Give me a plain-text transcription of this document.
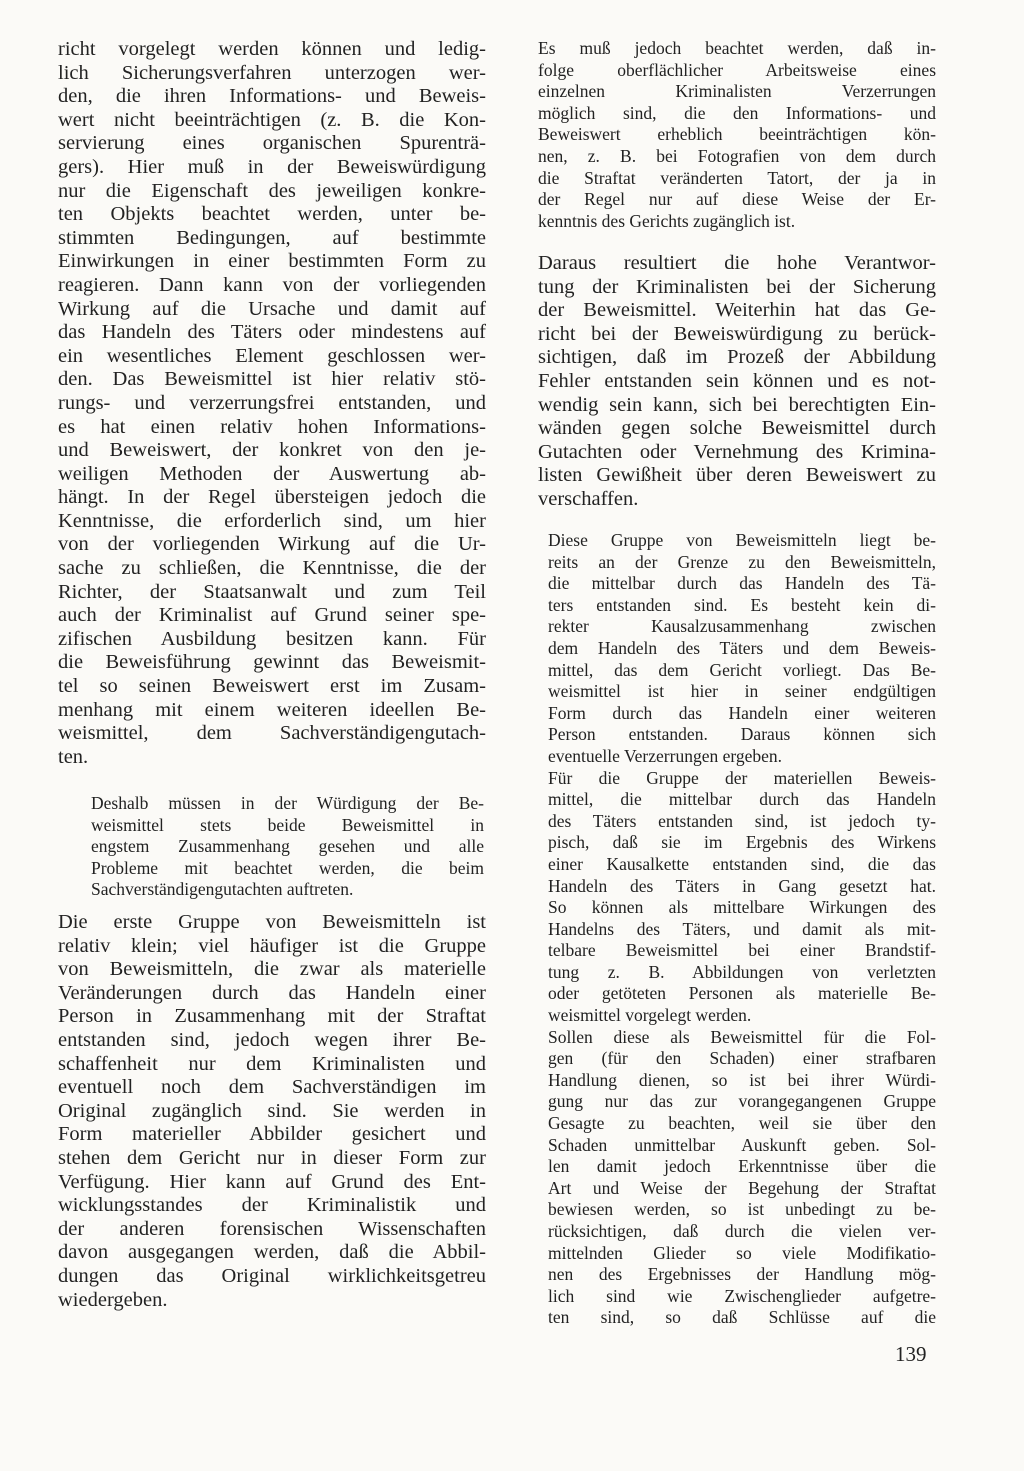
richt vorgelegt werden können und ledig-
lich Sicherungsverfahren unterzogen wer-
den, die ihren Informations- und Beweis-
wert nicht beeinträchtigen (z. B. die Kon-
servierung eines organischen Spurenträ-
gers). Hier muß in der Beweiswürdigung
nur die Eigenschaft des jeweiligen konkre-
ten Objekts beachtet werden, unter be-
stimmten Bedingungen, auf bestimmte
Einwirkungen in einer bestimmten Form zu
reagieren. Dann kann von der vorliegenden
Wirkung auf die Ursache und damit auf
das Handeln des Täters oder mindestens auf
ein wesentliches Element geschlossen wer-
den. Das Beweismittel ist hier relativ stö-
rungs- und verzerrungsfrei entstanden, und
es hat einen relativ hohen Informations-
und Beweiswert, der konkret von den je-
weiligen Methoden der Auswertung ab-
hängt. In der Regel übersteigen jedoch die
Kenntnisse, die erforderlich sind, um hier
von der vorliegenden Wirkung auf die Ur-
sache zu schließen, die Kenntnisse, die der
Richter, der Staatsanwalt und zum Teil
auch der Kriminalist auf Grund seiner spe-
zifischen Ausbildung besitzen kann. Für
die Beweisführung gewinnt das Beweismit-
tel so seinen Beweiswert erst im Zusam-
menhang mit einem weiteren ideellen Be-
weismittel, dem Sachverständigengutach-
ten.
Deshalb müssen in der Würdigung der Be-
weismittel stets beide Beweismittel in
engstem Zusammenhang gesehen und alle
Probleme mit beachtet werden, die beim
Sachverständigengutachten auftreten.
Die erste Gruppe von Beweismitteln ist
relativ klein; viel häufiger ist die Gruppe
von Beweismitteln, die zwar als materielle
Veränderungen durch das Handeln einer
Person in Zusammenhang mit der Straftat
entstanden sind, jedoch wegen ihrer Be-
schaffenheit nur dem Kriminalisten und
eventuell noch dem Sachverständigen im
Original zugänglich sind. Sie werden in
Form materieller Abbilder gesichert und
stehen dem Gericht nur in dieser Form zur
Verfügung. Hier kann auf Grund des Ent-
wicklungsstandes der Kriminalistik und
der anderen forensischen Wissenschaften
davon ausgegangen werden, daß die Abbil-
dungen das Original wirklichkeitsgetreu
wiedergeben.
Es muß jedoch beachtet werden, daß in-
folge oberflächlicher Arbeitsweise eines
einzelnen Kriminalisten Verzerrungen
möglich sind, die den Informations- und
Beweiswert erheblich beeinträchtigen kön-
nen, z. B. bei Fotografien von dem durch
die Straftat veränderten Tatort, der ja in
der Regel nur auf diese Weise der Er-
kenntnis des Gerichts zugänglich ist.
Daraus resultiert die hohe Verantwor-
tung der Kriminalisten bei der Sicherung
der Beweismittel. Weiterhin hat das Ge-
richt bei der Beweiswürdigung zu berück-
sichtigen, daß im Prozeß der Abbildung
Fehler entstanden sein können und es not-
wendig sein kann, sich bei berechtigten Ein-
wänden gegen solche Beweismittel durch
Gutachten oder Vernehmung des Krimina-
listen Gewißheit über deren Beweiswert zu
verschaffen.
Diese Gruppe von Beweismitteln liegt be-
reits an der Grenze zu den Beweismitteln,
die mittelbar durch das Handeln des Tä-
ters entstanden sind. Es besteht kein di-
rekter Kausalzusammenhang zwischen
dem Handeln des Täters und dem Beweis-
mittel, das dem Gericht vorliegt. Das Be-
weismittel ist hier in seiner endgültigen
Form durch das Handeln einer weiteren
Person entstanden. Daraus können sich
eventuelle Verzerrungen ergeben.
Für die Gruppe der materiellen Beweis-
mittel, die mittelbar durch das Handeln
des Täters entstanden sind, ist jedoch ty-
pisch, daß sie im Ergebnis des Wirkens
einer Kausalkette entstanden sind, die das
Handeln des Täters in Gang gesetzt hat.
So können als mittelbare Wirkungen des
Handelns des Täters, und damit als mit-
telbare Beweismittel bei einer Brandstif-
tung z. B. Abbildungen von verletzten
oder getöteten Personen als materielle Be-
weismittel vorgelegt werden.
Sollen diese als Beweismittel für die Fol-
gen (für den Schaden) einer strafbaren
Handlung dienen, so ist bei ihrer Würdi-
gung nur das zur vorangegangenen Gruppe
Gesagte zu beachten, weil sie über den
Schaden unmittelbar Auskunft geben. Sol-
len damit jedoch Erkenntnisse über die
Art und Weise der Begehung der Straftat
bewiesen werden, so ist unbedingt zu be-
rücksichtigen, daß durch die vielen ver-
mittelnden Glieder so viele Modifikatio-
nen des Ergebnisses der Handlung mög-
lich sind wie Zwischenglieder aufgetre-
ten sind, so daß Schlüsse auf die
139
